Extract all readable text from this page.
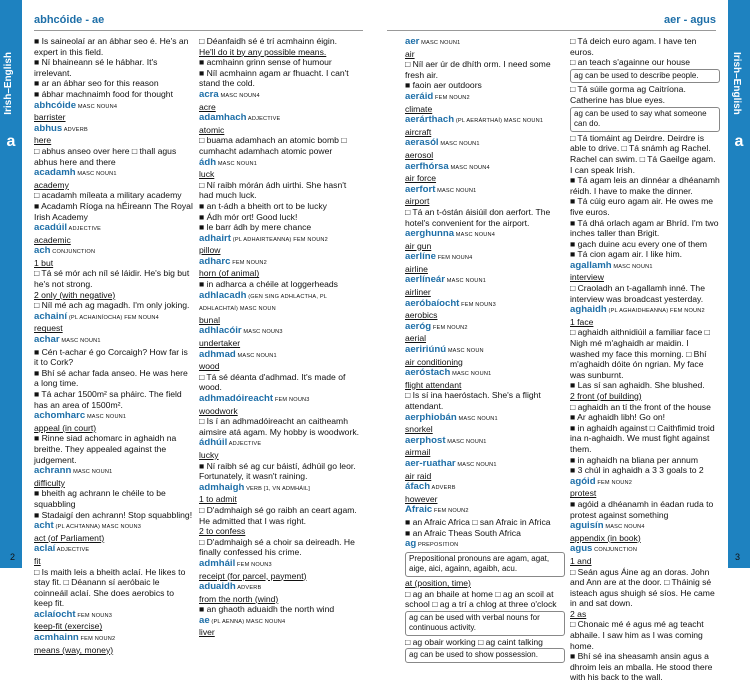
Irish–English
a
abhcóide - ae
■ Is saineolaí ar an ábhar seo é. He's an expert in this field.
■ Ní bhaineann sé le hábhar. It's irrelevant.
■ ar an ábhar seo for this reason
■ ábhar machnaimh food for thought
abhcóide MASC NOUN4
barrister
abhus ADVERB
here
□ abhus anseo over here □ thall agus abhus here and there
acadamh MASC NOUN1
academy
□ acadamh míleata a military academy
■ Acadamh Ríoga na hÉireann The Royal Irish Academy
acadúil ADJECTIVE
academic
ach CONJUNCTION
1 but
□ Tá sé mór ach níl sé láidir. He's big but he's not strong.
2 only (with negative)
□ Níl mé ach ag magadh. I'm only joking.
achainí (PL ACHAINÍOCHA) FEM NOUN4
request
achar MASC NOUN1
■ Cén t-achar é go Corcaigh? How far is it to Cork?
■ Bhí sé achar fada anseo. He was here a long time.
■ Tá achar 1500m² sa pháirc. The field has an area of 1500m².
achomharc MASC NOUN1
appeal (in court)
■ Rinne siad achomarc in aghaidh na breithe. They appealed against the judgement.
achrann MASC NOUN1
difficulty
■ bheith ag achrann le chéile to be squabbling
■ Stadaigí den achrann! Stop squabbling!
acht (PL ACHTANNA) MASC NOUN3
act (of Parliament)
aclaí ADJECTIVE
fit
□ Is maith leis a bheith aclaí. He likes to stay fit. □ Déanann sí aeróbaic le coinneáil aclaí. She does aerobics to keep fit.
aclaíocht FEM NOUN3
keep-fit (exercise)
acmhainn FEM NOUN2
means (way, money)
□ Déanfaidh sé é trí acmhainn éigin.
He'll do it by any possible means.
■ acmhainn grinn sense of humour
■ Níl acmhainn agam ar fhuacht. I can't stand the cold.
acra MASC NOUN4
acre
adamhach ADJECTIVE
atomic
□ buama adamhach an atomic bomb □ cumhacht adamhach atomic power
ádh MASC NOUN1
luck
□ Ní raibh mórán ádh uirthi. She hasn't had much luck.
■ an t-ádh a bheith ort to be lucky
■ Ádh mór ort! Good luck!
■ le barr ádh by mere chance
adhairt (PL ADHAIRTEANNA) FEM NOUN2
pillow
adharc FEM NOUN2
horn (of animal)
■ in adharca a chéile at loggerheads
adhlacadh (GEN SING ADHLACTHA, PL ADHLACHTAÍ) MASC NOUN
bunal
adhlacóir MASC NOUN3
undertaker
adhmad MASC NOUN1
wood
□ Tá sé déanta d'adhmad. It's made of wood.
adhmadóireacht FEM NOUN3
woodwork
□ Is í an adhmadóireacht an caitheamh aimsire atá agam. My hobby is woodwork.
ádhúil ADJECTIVE
lucky
■ Ní raibh sé ag cur báistí, ádhúil go leor. Fortunately, it wasn't raining.
admhaigh VERB [1, VN ADMHÁIL]
1 to admit
□ D'admhaigh sé go raibh an ceart agam. He admitted that I was right.
2 to confess
□ D'admhaigh sé a choir sa deireadh. He finally confessed his crime.
admháil FEM NOUN3
receipt (for parcel, payment)
aduaidh ADVERB
from the north (wind)
■ an ghaoth aduaidh the north wind
ae (PL AENNA) MASC NOUN4
liver
2
Irish–English
a
aer - agus
aer MASC NOUN1
air
□ Níl aer úr de dhíth orm. I need some fresh air.
■ faoin aer outdoors
aeráid FEM NOUN2
climate
aerárthach (PL AERÁRTHAÍ) MASC NOUN1
aircraft
aerasól MASC NOUN1
aerosol
aerfhórsa MASC NOUN4
air force
aerfort MASC NOUN1
airport
□ Tá an t-óstán áisiúil don aerfort. The hotel's convenient for the airport.
aerghunna MASC NOUN4
air gun
aerlíne FEM NOUN4
airline
aerlíneár MASC NOUN1
airliner
aeróbaíocht FEM NOUN3
aerobics
aeróg FEM NOUN2
aerial
aeririúnú MASC NOUN
air conditioning
aeróstach MASC NOUN1
flight attendant
□ Is sí ina haeróstach. She's a flight attendant.
aerphiobán MASC NOUN1
snorkel
aerphost MASC NOUN1
airmail
aer-ruathar MASC NOUN1
air raid
áfach ADVERB
however
Afraic FEM NOUN2
■ an Afraic Africa □ san Afraic in Africa
■ an Afraic Theas South Africa
ag PREPOSITION
Prepositional pronouns are agam, agat, aige, aici, againn, agaibh, acu.
at (position, time)
□ ag an bhaile at home □ ag an scoil at school □ ag a trí a chlog at three o'clock
ag can be used with verbal nouns for continuous activity.
□ ag obair working □ ag caint talking
ag can be used to show possession.
□ Tá deich euro agam. I have ten euros.
□ an teach s'againne our house
ag can be used to describe people.
□ Tá súile gorma ag Caitríona. Catherine has blue eyes.
ag can be used to say what someone can do.
□ Tá tiomáint ag Deirdre. Deirdre is able to drive. □ Tá snámh ag Rachel. Rachel can swim. □ Tá Gaeilge agam. I can speak Irish.
■ Tá agam leis an dinnéar a dhéanamh réidh. I have to make the dinner.
■ Tá cúig euro agam air. He owes me five euros.
■ Tá dhá orlach agam ar Bhríd. I'm two inches taller than Brigit.
■ gach duine acu every one of them
■ Tá cion agam air. I like him.
agallamh MASC NOUN1
interview
□ Craoladh an t-agallamh inné. The interview was broadcast yesterday.
aghaidh (PL AGHAIDHEANNA) FEM NOUN2
1 face
□ aghaidh aithnidiúil a familiar face □ Nigh mé m'aghaidh ar maidin. I washed my face this morning. □ Bhí m'aghaidh dóite ón ngrian. My face was sunburnt.
■ Las sí san aghaidh. She blushed.
2 front (of building)
□ aghaidh an tí the front of the house
■ Ar aghaidh libh! Go on!
■ in aghaidh against □ Caithfimid troid ina n-aghaidh. We must fight against them.
■ in aghaidh na bliana per annum
■ 3 chúl in aghaidh a 3 3 goals to 2
agóid FEM NOUN2
protest
■ agóid a dhéanamh in éadan ruda to protest against something
aguisín MASC NOUN4
appendix (in book)
agus CONJUNCTION
1 and
□ Seán agus Áine ag an doras. John and Ann are at the door. □ Tháinig sé isteach agus shuigh sé síos. He came in and sat down.
2 as
□ Chonaic mé é agus mé ag teacht abhaile. I saw him as I was coming home.
■ Bhí sé ina sheasamh ansin agus a dhroim leis an mballa. He stood there with his back to the wall.
3
